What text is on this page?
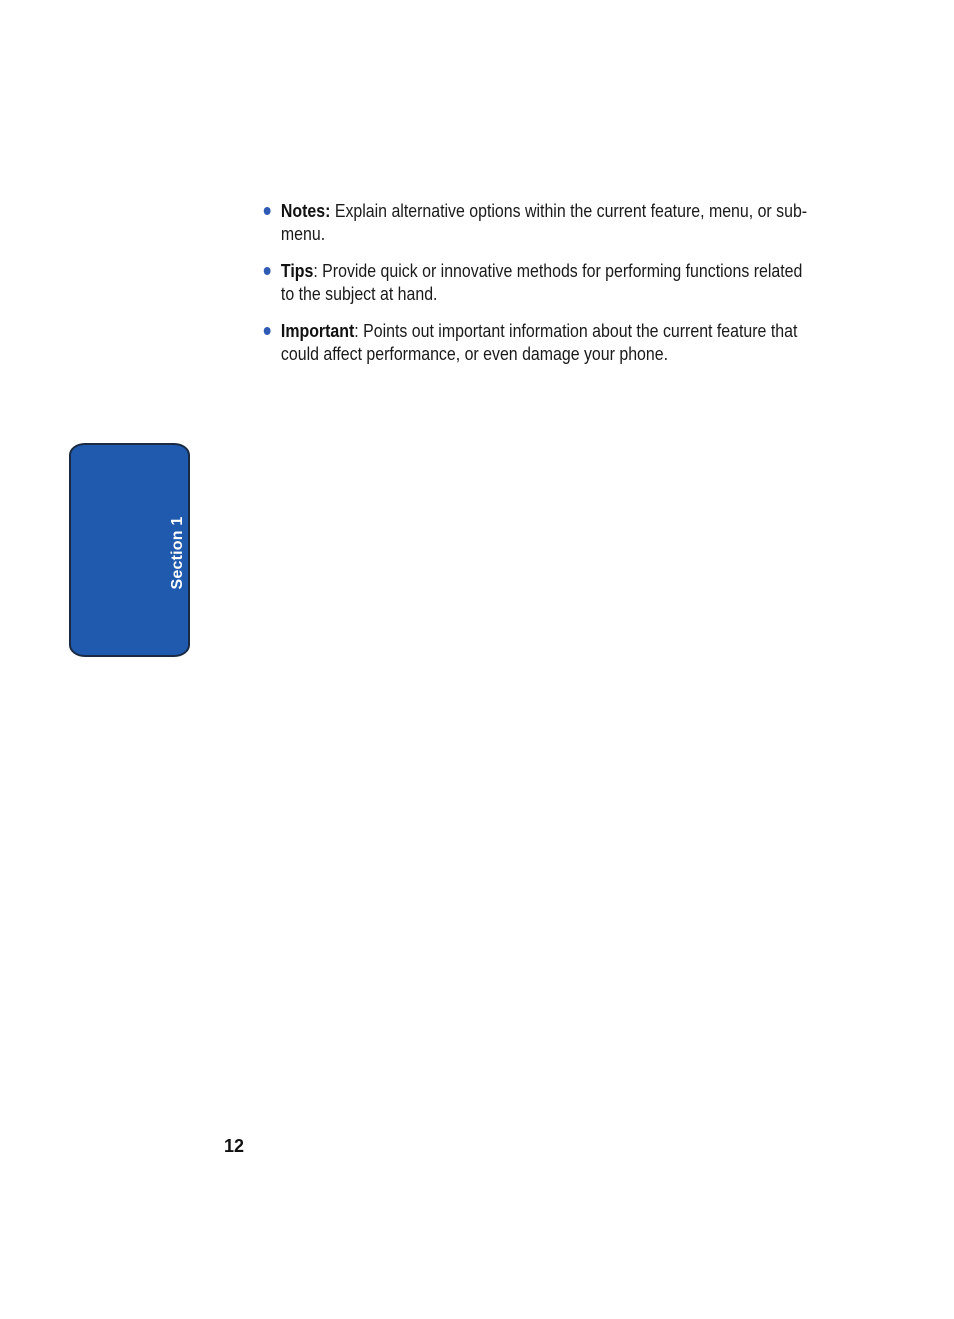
Notes: Explain alternative options within the current feature, menu, or sub-menu.
Tips: Provide quick or innovative methods for performing functions related to the subject at hand.
Important: Points out important information about the current feature that could affect performance, or even damage your phone.
Section 1
12
